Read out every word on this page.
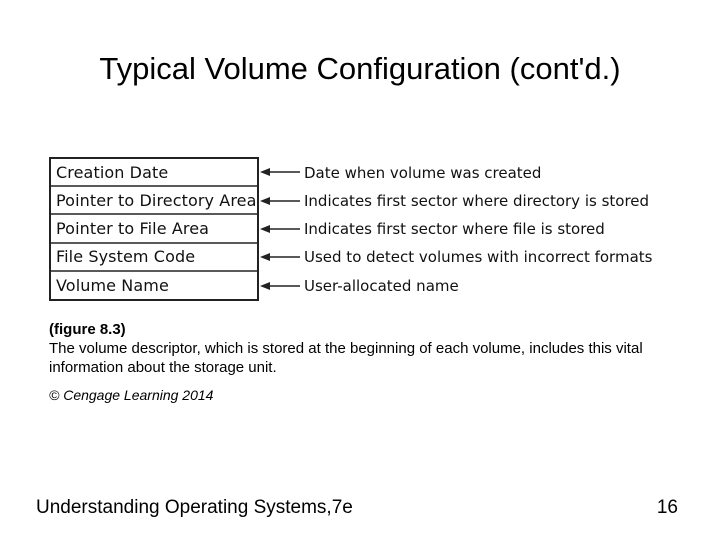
Typical Volume Configuration (cont'd.)
Creation Date
Pointer to Directory Area
Pointer to File Area
File System Code
Volume Name
Date when volume was created
Indicates first sector where directory is stored
Indicates first sector where file is stored
Used to detect volumes with incorrect formats
User-allocated name
(figure 8.3)
The volume descriptor, which is stored at the beginning of each volume, includes this vital information about the storage unit.
© Cengage Learning 2014
Understanding Operating Systems,7e	16
